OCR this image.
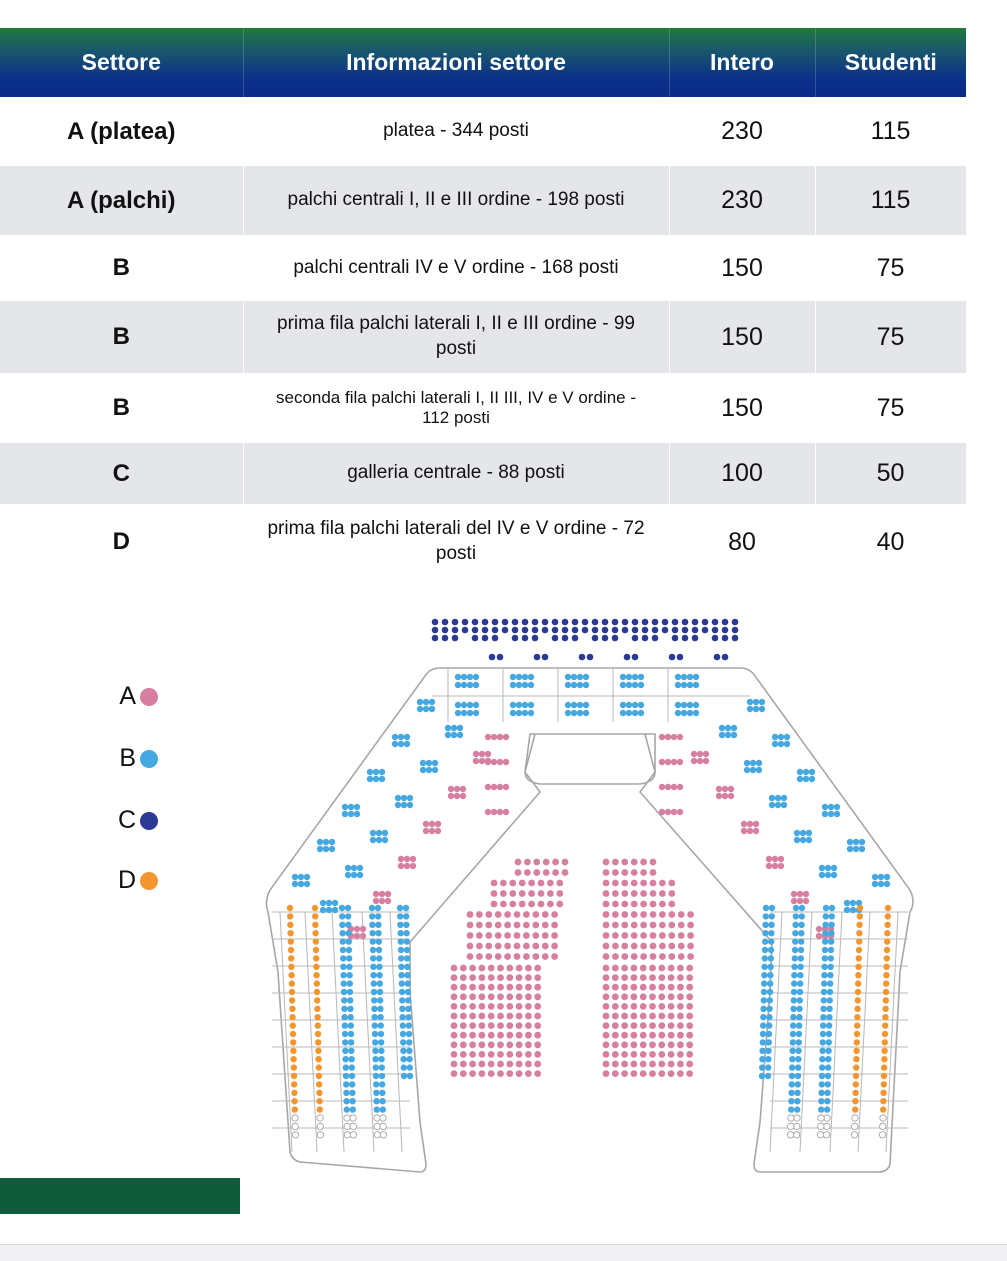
Settore	Informazioni settore	Intero	Studenti
A (platea)	platea - 344 posti	230	115
A (palchi)	palchi centrali I, II e III ordine - 198 posti	230	115
B	palchi centrali IV e V ordine - 168 posti	150	75
B	prima fila palchi laterali I, II e III ordine - 99 posti	150	75
B	seconda fila palchi laterali I, II III, IV e V ordine - 112 posti	150	75
C	galleria centrale - 88 posti	100	50
D	prima fila palchi laterali del IV e V ordine - 72 posti	80	40
A
B
C
D
